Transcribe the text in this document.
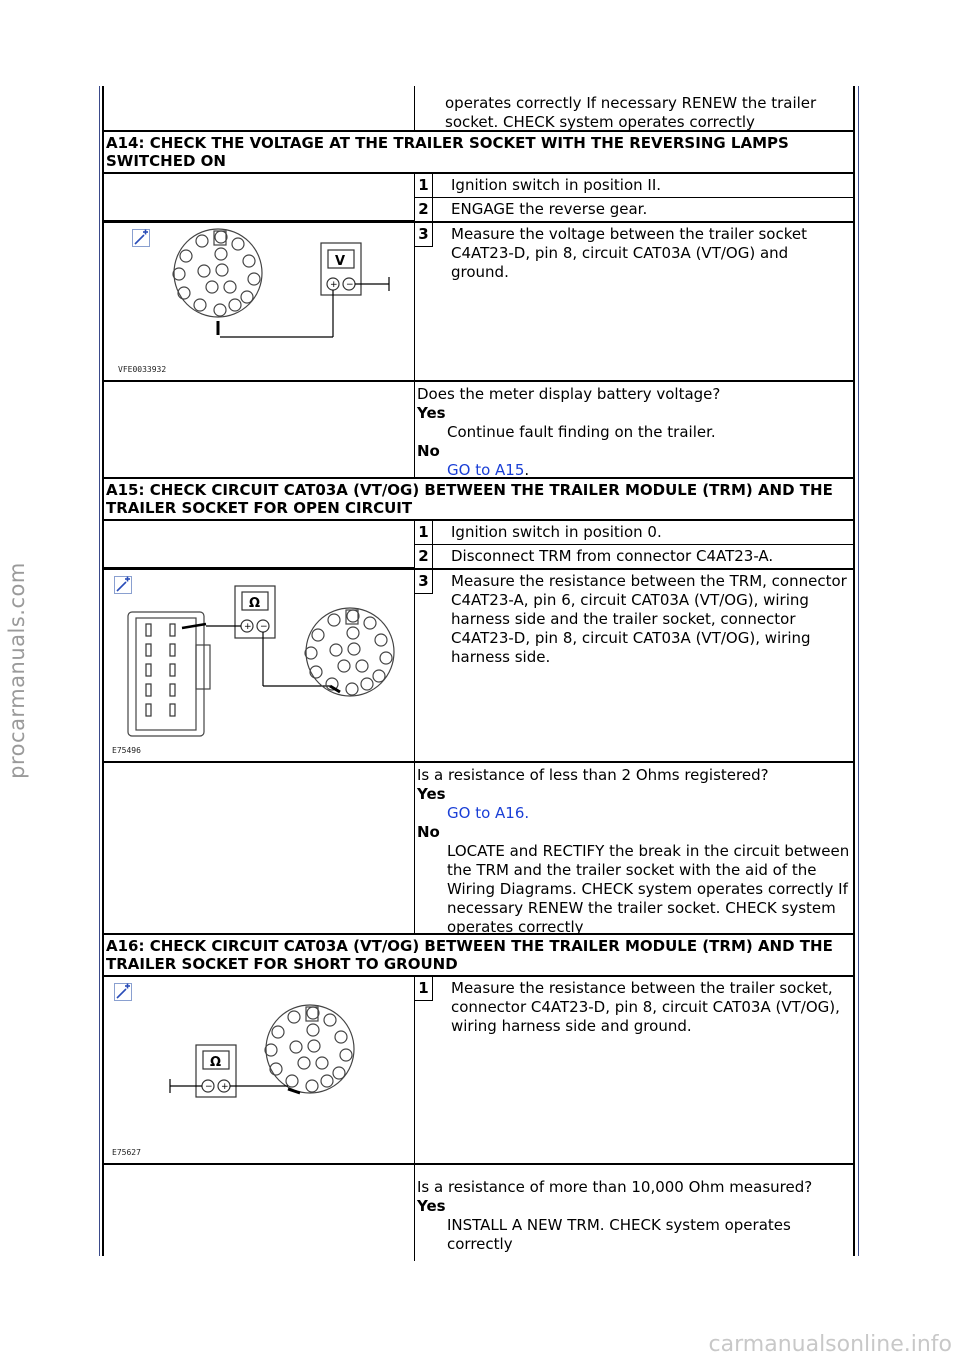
procarmanuals.com
carmanualsonline.info
operates correctly If necessary RENEW the trailer socket. CHECK system operates correctly
A14: CHECK THE VOLTAGE AT THE TRAILER SOCKET WITH THE REVERSING LAMPS SWITCHED ON
1	Ignition switch in position II.
2	ENGAGE the reverse gear.
V
+ −
VFE0033932
3	Measure the voltage between the trailer socket C4AT23-D, pin 8, circuit CAT03A (VT/OG) and ground.
Does the meter display battery voltage?
Yes
Continue fault finding on the trailer.
No
GO to A15.
A15: CHECK CIRCUIT CAT03A (VT/OG) BETWEEN THE TRAILER MODULE (TRM) AND THE TRAILER SOCKET FOR OPEN CIRCUIT
1	Ignition switch in position 0.
2	Disconnect TRM from connector C4AT23-A.
Ω
+ −
E75496
3	Measure the resistance between the TRM, connector C4AT23-A, pin 6, circuit CAT03A (VT/OG), wiring harness side and the trailer socket, connector C4AT23-D, pin 8, circuit CAT03A (VT/OG), wiring harness side.
Is a resistance of less than 2 Ohms registered?
Yes
GO to A16.
No
LOCATE and RECTIFY the break in the circuit between the TRM and the trailer socket with the aid of the Wiring Diagrams. CHECK system operates correctly If necessary RENEW the trailer socket. CHECK system operates correctly
A16: CHECK CIRCUIT CAT03A (VT/OG) BETWEEN THE TRAILER MODULE (TRM) AND THE TRAILER SOCKET FOR SHORT TO GROUND
Ω
− +
E75627
1	Measure the resistance between the trailer socket, connector C4AT23-D, pin 8, circuit CAT03A (VT/OG), wiring harness side and ground.
Is a resistance of more than 10,000 Ohm measured?
Yes
INSTALL A NEW TRM. CHECK system operates correctly
